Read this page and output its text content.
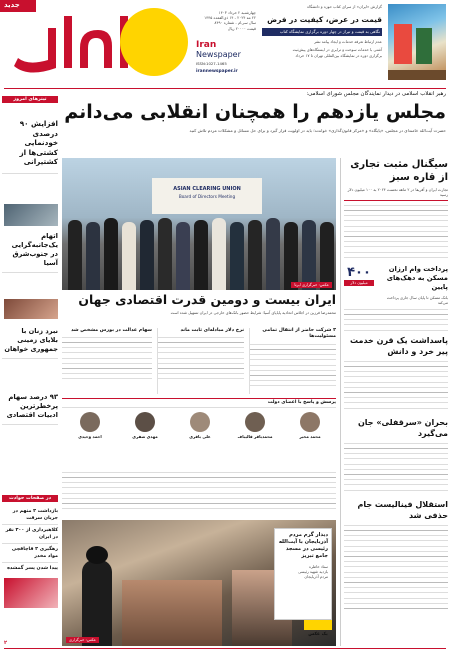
جدید
چهارشنبه ۲ خرداد ۱۴۰۳
۲۲ مه ۲۰۲۴ - ۱۴ ذی‌القعده ۱۴۴۵
سال سی‌ام - شماره ۸۴۹۰
قیمت ۲۰۰۰۰ ریال
Iran
Newspaper
ISSN:1027-1465
irannewspaper.ir
گزارش «ایران» از سرای کتاب حوزه و دانشگاه
قیمت در عرض، کیفیت در فرض
نگاهی به قیمت و تیراژ در چهار دوره برگزاری نمایشگاه کتاب
عدم ارتباط تعرفه خدمات و ایجاد پیامد نشر
آشتی با خدمات سوخت و ترابری در ایستگاه‌های پیش‌ثبت
برگزاری دوره در نمایشگاه بین‌المللی تهران تا ۱۷ خرداد
رهبر انقلاب اسلامی در دیدار نمایندگان مجلس شورای اسلامی:
مجلس یازدهم را همچنان انقلابی می‌دانم
حضرت آیت‌الله خامنه‌ای در مجلس، «پایگاه» و «مرکز قانون‌گذاری» خواندند؛ باید در اولویت قرار گیرد و برای حل مسائل و مشکلات مردم تلاش کنید
تیترهای امروز
افزایش ۹۰ درصدی خودنمایی کشتی‌ها از کشتیرانی
اتهام یک‌جانبه‌گرایی در جنوب‌شرق آسیا
نبرد زنان با بلایای زمینی جمهوری خواهان
۹۳ درصد سهام پرخطرترین ادبیات اقتصادی
در صفحات حوادث
بازداشت ۴ متهم در جریان سرقت
کلاهبرداری از ۳۰۰ نفر در ایران
رهگیری ۴ قاچاقچی مواد مخدر
پیدا شدن پسر گمشده
ASIAN CLEARING UNION
Board of Directors Meeting
عکس: خبرگزاری ایرنا
ایران بیست و دومین قدرت اقتصادی جهان
محمدرضا فرزین در اجلاس اتحادیه پایاپای آسیا؛ شرایط حضور بانک‌های خارجی در ایران تسهیل شده است
۴ شرکت حاضر از انتقال تمامی مسئولیت‌ها
نرخ دلار مبادله‌ای ثابت ماند
سهام عدالت در بورس مشخص شد
پرسش و پاسخ با اعضای دولت
محمد مخبر
محمدباقر قالیباف
علی باقری
مهدی صفری
احمد وحیدی
عکس: خبرگزاری
دیدار گرم مردم آذربایجان با آیت‌الله رئیسی در مسجد جامع تبریز
ستاد خاطره
بازدید شهید رئیسی
مردم آذربایجان
یک عکس
سیگنال مثبت تجاری از قاره سبز
تجارت ایران و آفریقا در ۲ ماهه نخست ۲۰۲۴ به ۱۰۰ میلیون دلار رسید
۴۰۰
میلیون دلار
پرداخت وام ارزان مسکن به دهک‌های پایین
بانک مسکن تا پایان سال جاری پرداخت می‌کند
پاسداشت یک قرن خدمت پیر خرد و دانش
بحران «سرقفلی» جان می‌گیرد
استقلال فینالیست جام حذفی شد
۲
